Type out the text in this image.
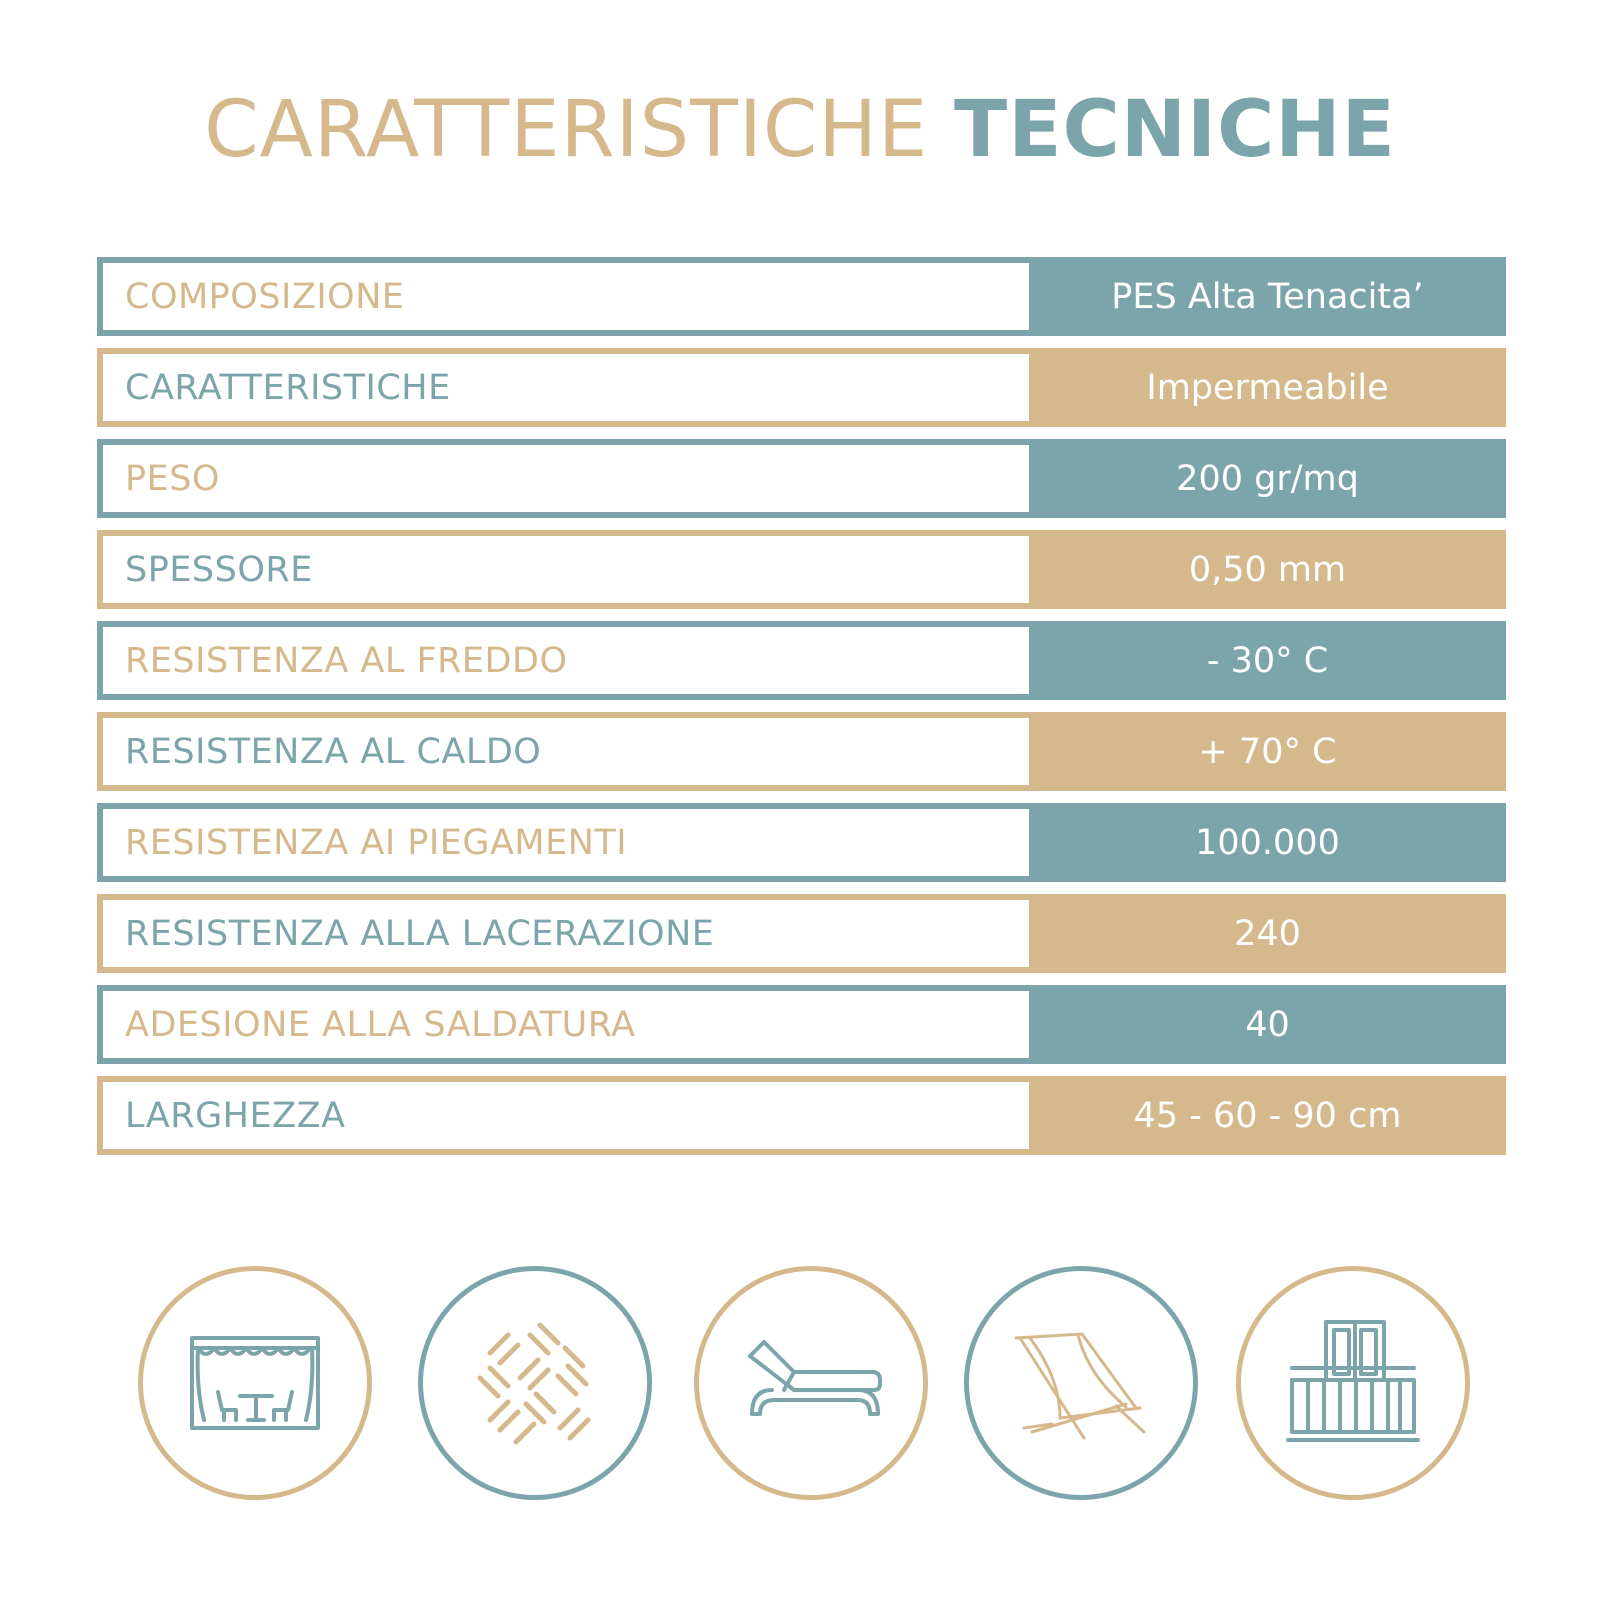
CARATTERISTICHE TECNICHE
COMPOSIZIONE	PES Alta Tenacita’
CARATTERISTICHE	Impermeabile
PESO	200 gr/mq
SPESSORE	0,50 mm
RESISTENZA AL FREDDO	- 30° C
RESISTENZA AL CALDO	+ 70° C
RESISTENZA AI PIEGAMENTI	100.000
RESISTENZA ALLA LACERAZIONE	240
ADESIONE ALLA SALDATURA	40
LARGHEZZA	45 - 60 - 90 cm
